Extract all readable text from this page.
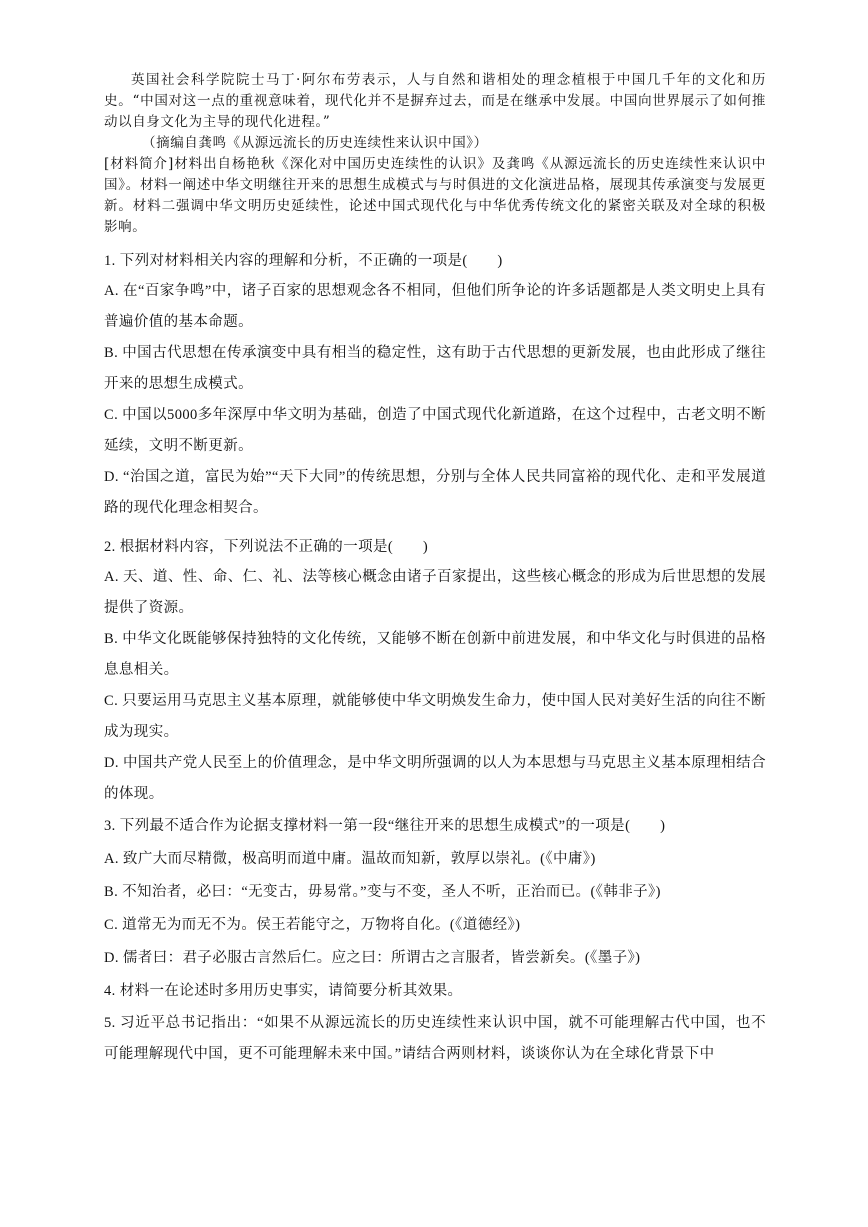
英国社会科学院院士马丁·阿尔布劳表示，人与自然和谐相处的理念植根于中国几千年的文化和历史。“中国对这一点的重视意味着，现代化并不是摒弃过去，而是在继承中发展。中国向世界展示了如何推动以自身文化为主导的现代化进程。”

（摘编自龚鸣《从源远流长的历史连续性来认识中国》）

[材料简介]材料出自杨艳秋《深化对中国历史连续性的认识》及龚鸣《从源远流长的历史连续性来认识中国》。材料一阐述中华文明继往开来的思想生成模式与与时俱进的文化演进品格，展现其传承演变与发展更新。材料二强调中华文明历史延续性，论述中国式现代化与中华优秀传统文化的紧密关联及对全球的积极影响。

1. 下列对材料相关内容的理解和分析，不正确的一项是(　　)

A. 在“百家争鸣”中，诸子百家的思想观念各不相同，但他们所争论的许多话题都是人类文明史上具有普遍价值的基本命题。

B. 中国古代思想在传承演变中具有相当的稳定性，这有助于古代思想的更新发展，也由此形成了继往开来的思想生成模式。

C. 中国以5000多年深厚中华文明为基础，创造了中国式现代化新道路，在这个过程中，古老文明不断延续，文明不断更新。

D. “治国之道，富民为始”“天下大同”的传统思想，分别与全体人民共同富裕的现代化、走和平发展道路的现代化理念相契合。

2. 根据材料内容，下列说法不正确的一项是(　　)

A. 天、道、性、命、仁、礼、法等核心概念由诸子百家提出，这些核心概念的形成为后世思想的发展提供了资源。

B. 中华文化既能够保持独特的文化传统，又能够不断在创新中前进发展，和中华文化与时俱进的品格息息相关。

C. 只要运用马克思主义基本原理，就能够使中华文明焕发生命力，使中国人民对美好生活的向往不断成为现实。

D. 中国共产党人民至上的价值理念，是中华文明所强调的以人为本思想与马克思主义基本原理相结合的体现。

3. 下列最不适合作为论据支撑材料一第一段“继往开来的思想生成模式”的一项是(　　)

A. 致广大而尽精微，极高明而道中庸。温故而知新，敦厚以崇礼。(《中庸》)

B. 不知治者，必曰：“无变古，毋易常。”变与不变，圣人不听，正治而已。(《韩非子》)

C. 道常无为而无不为。侯王若能守之，万物将自化。(《道德经》)

D. 儒者曰：君子必服古言然后仁。应之曰：所谓古之言服者，皆尝新矣。(《墨子》)

4. 材料一在论述时多用历史事实，请简要分析其效果。

5. 习近平总书记指出：“如果不从源远流长的历史连续性来认识中国，就不可能理解古代中国，也不可能理解现代中国，更不可能理解未来中国。”请结合两则材料，谈谈你认为在全球化背景下中
